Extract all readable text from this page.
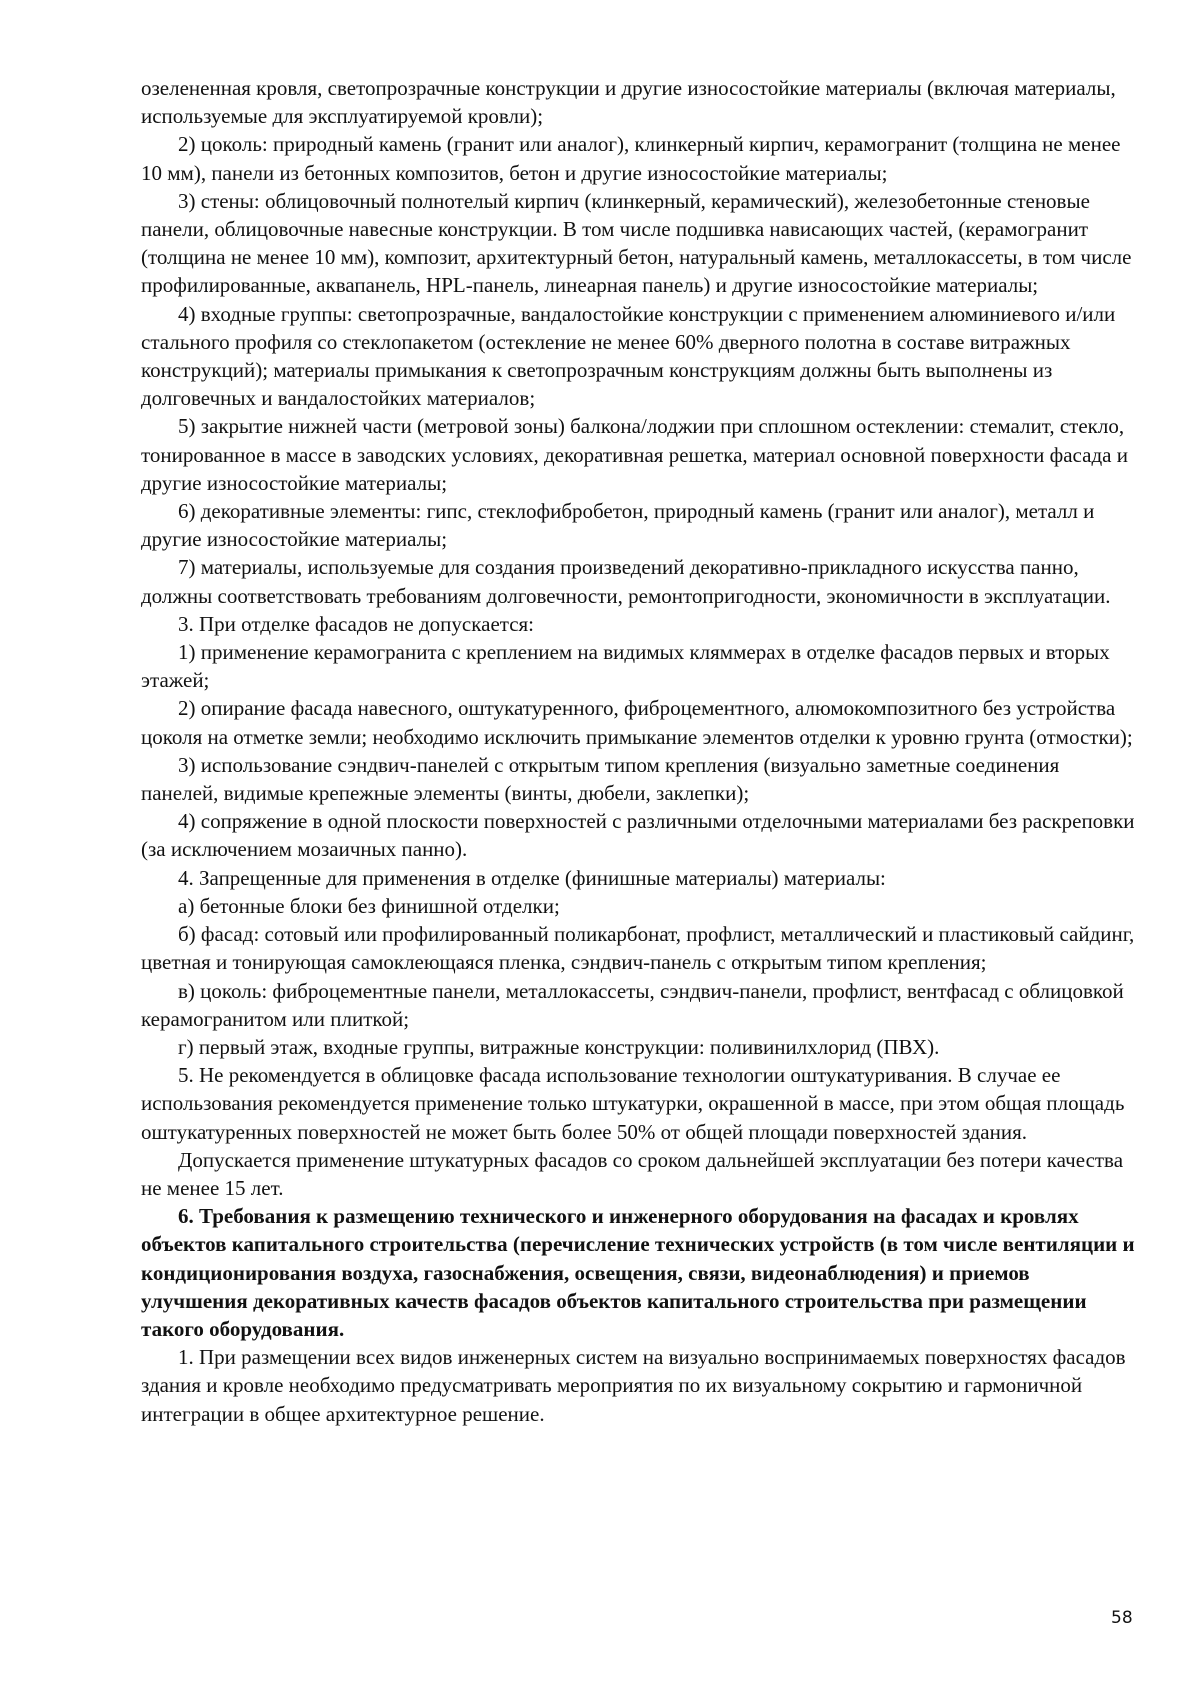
озелененная кровля, светопрозрачные конструкции и другие износостойкие материалы (включая материалы, используемые для эксплуатируемой кровли);

2) цоколь: природный камень (гранит или аналог), клинкерный кирпич, керамогранит (толщина не менее 10 мм), панели из бетонных композитов, бетон и другие износостойкие материалы;

3) стены: облицовочный полнотелый кирпич (клинкерный, керамический), железобетонные стеновые панели, облицовочные навесные конструкции. В том числе подшивка нависающих частей, (керамогранит (толщина не менее 10 мм), композит, архитектурный бетон, натуральный камень, металлокассеты, в том числе профилированные, аквапанель, HPL-панель, линеарная панель) и другие износостойкие материалы;

4) входные группы: светопрозрачные, вандалостойкие конструкции с применением алюминиевого и/или стального профиля со стеклопакетом (остекление не менее 60% дверного полотна в составе витражных конструкций); материалы примыкания к светопрозрачным конструкциям должны быть выполнены из долговечных и вандалостойких материалов;

5) закрытие нижней части (метровой зоны) балкона/лоджии при сплошном остеклении: стемалит, стекло, тонированное в массе в заводских условиях, декоративная решетка, материал основной поверхности фасада и другие износостойкие материалы;

6) декоративные элементы: гипс, стеклофибробетон, природный камень (гранит или аналог), металл и другие износостойкие материалы;

7) материалы, используемые для создания произведений декоративно-прикладного искусства панно, должны соответствовать требованиям долговечности, ремонтопригодности, экономичности в эксплуатации.

3. При отделке фасадов не допускается:

1) применение керамогранита с креплением на видимых кляммерах в отделке фасадов первых и вторых этажей;

2) опирание фасада навесного, оштукатуренного, фиброцементного, алюмокомпозитного без устройства цоколя на отметке земли; необходимо исключить примыкание элементов отделки к уровню грунта (отмостки);

3) использование сэндвич-панелей с открытым типом крепления (визуально заметные соединения панелей, видимые крепежные элементы (винты, дюбели, заклепки);

4) сопряжение в одной плоскости поверхностей с различными отделочными материалами без раскреповки (за исключением мозаичных панно).

4. Запрещенные для применения в отделке (финишные материалы) материалы:

а) бетонные блоки без финишной отделки;

б) фасад: сотовый или профилированный поликарбонат, профлист, металлический и пластиковый сайдинг, цветная и тонирующая самоклеющаяся пленка, сэндвич-панель с открытым типом крепления;

в) цоколь: фиброцементные панели, металлокассеты, сэндвич-панели, профлист, вентфасад с облицовкой керамогранитом или плиткой;

г) первый этаж, входные группы, витражные конструкции: поливинилхлорид (ПВХ).

5. Не рекомендуется в облицовке фасада использование технологии оштукатуривания. В случае ее использования рекомендуется применение только штукатурки, окрашенной в массе, при этом общая площадь оштукатуренных поверхностей не может быть более 50% от общей площади поверхностей здания.

Допускается применение штукатурных фасадов со сроком дальнейшей эксплуатации без потери качества не менее 15 лет.

6. Требования к размещению технического и инженерного оборудования на фасадах и кровлях объектов капитального строительства (перечисление технических устройств (в том числе вентиляции и кондиционирования воздуха, газоснабжения, освещения, связи, видеонаблюдения) и приемов улучшения декоративных качеств фасадов объектов капитального строительства при размещении такого оборудования.

1. При размещении всех видов инженерных систем на визуально воспринимаемых поверхностях фасадов здания и кровле необходимо предусматривать мероприятия по их визуальному сокрытию и гармоничной интеграции в общее архитектурное решение.

58
